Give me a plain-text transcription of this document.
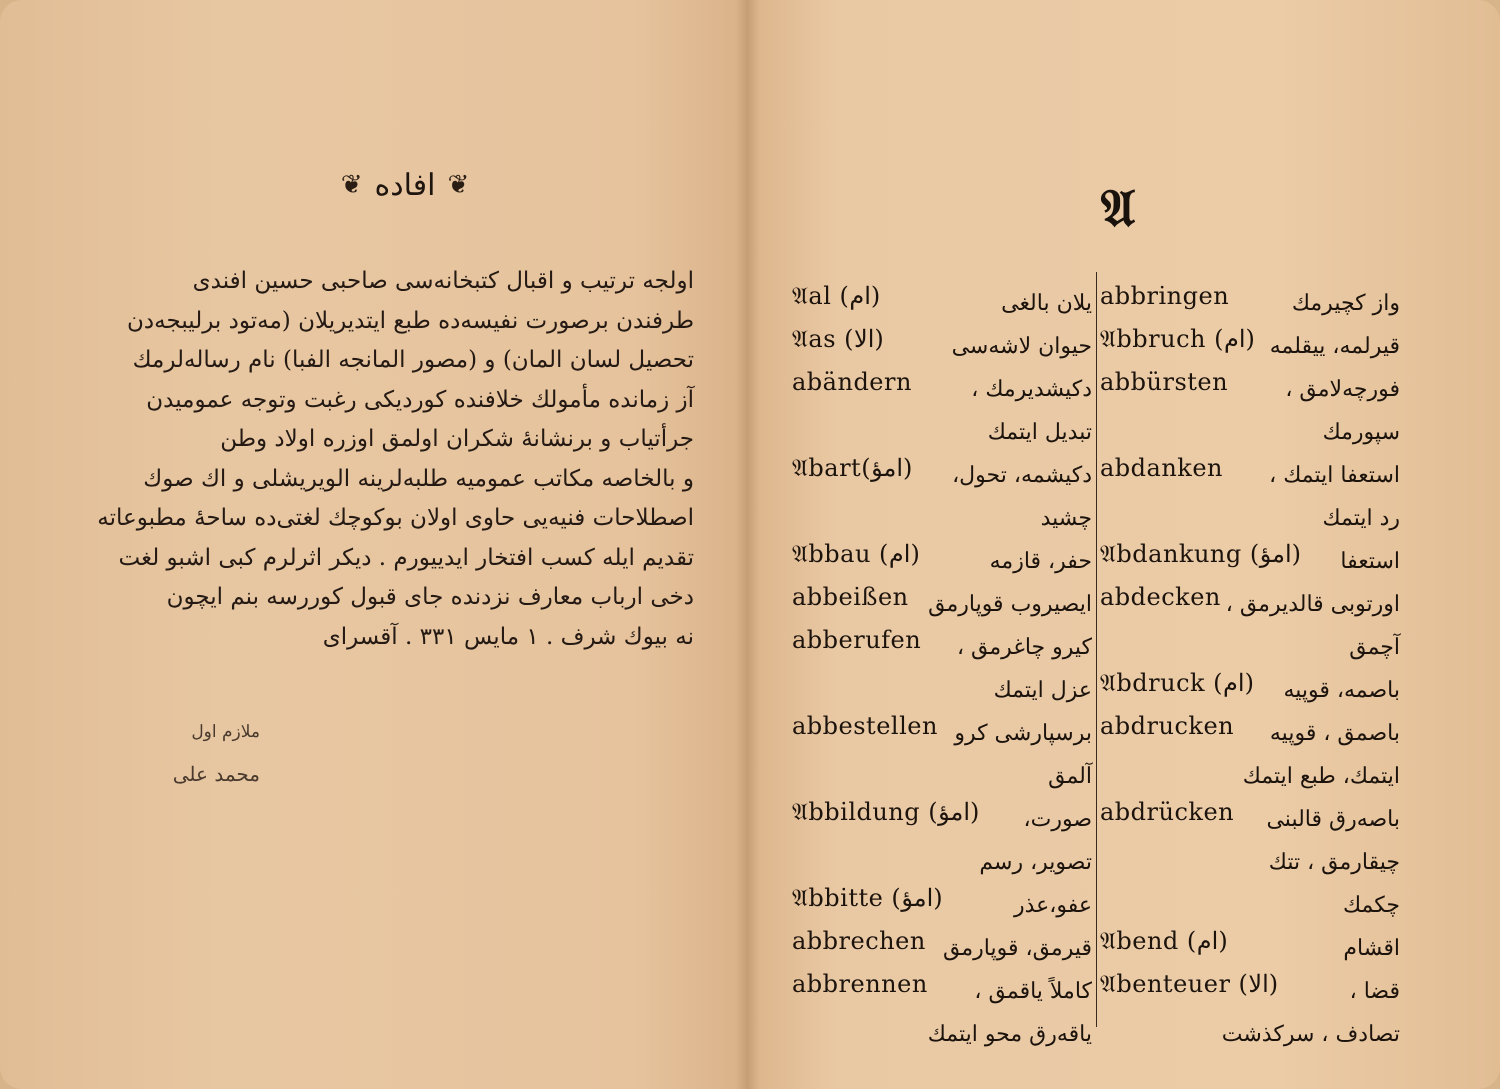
❦ افاده ❦
اولجه ترتیب و اقبال کتبخانه‌سی صاحبی حسین افندی
طرفندن برصورت نفیسه‌ده طبع ایتدیریلان (مه‌تود برلیبجه‌دن
تحصیل لسان المان) و (مصور المانجه الفبا) نام رساله‌لرمك
آز زمانده مأمولك خلافنده کوردیکی رغبت وتوجه عمومیدن
جرأتیاب و برنشانهٔ شکران اولمق اوزره اولاد وطن
و بالخاصه مکاتب عمومیه طلبه‌لرینه الویریشلی و اك صوك
اصطلاحات فنیه‌یی حاوی اولان بوکوچك لغتی‌ده ساحهٔ مطبوعاته
تقدیم ایله کسب افتخار ایدییورم . دیکر اثرلرم کبی اشبو لغت
دخی ارباب معارف نزدنده جای قبول کوررسه بنم ایچون
نه بیوك شرف . ١ مایس ٣٣١ . آقسرای
ملازم اول
محمد علی
𝔄
𝔄al (ام)	یلان بالغی
𝔄as (الا)	حیوان لاشه‌سی
abändern	دکیشدیرمك ،
تبدیل ایتمك
𝔄bart(امؤ)	دکیشمه، تحول،
چشید
𝔄bbau (ام)	حفر، قازمه
abbeißen ایصیروب قوپارمق
abberufen	کیرو چاغرمق ،
عزل ایتمك
abbestellen برسپارشی کرو
آلمق
𝔄bbildung (امؤ)	صورت،
تصویر، رسم
𝔄bbitte (امؤ)	عفو،عذر
abbrechen قیرمق، قوپارمق
abbrennen	کاملاً یاقمق ،
یاقه‌رق محو ایتمك
abbringen	واز کچیرمك
𝔄bbruch (ام) قیرلمه، ییقلمه
abbürsten	فورچه‌لامق ،
سپورمك
abdanken	استعفا ایتمك ،
رد ایتمك
𝔄bdankung (امؤ)	استعفا
abdecken اورتوبی قالدیرمق ،
آچمق
𝔄bdruck (ام)	باصمه، قوپیه
abdrucken	باصمق ، قوپیه
ایتمك، طبع ایتمك
abdrücken	باصه‌رق قالبنی
چیقارمق ، تتك چکمك
𝔄bend (ام)	اقشام
𝔄benteuer (الا)	قضا ،
تصادف ، سرکذشت
